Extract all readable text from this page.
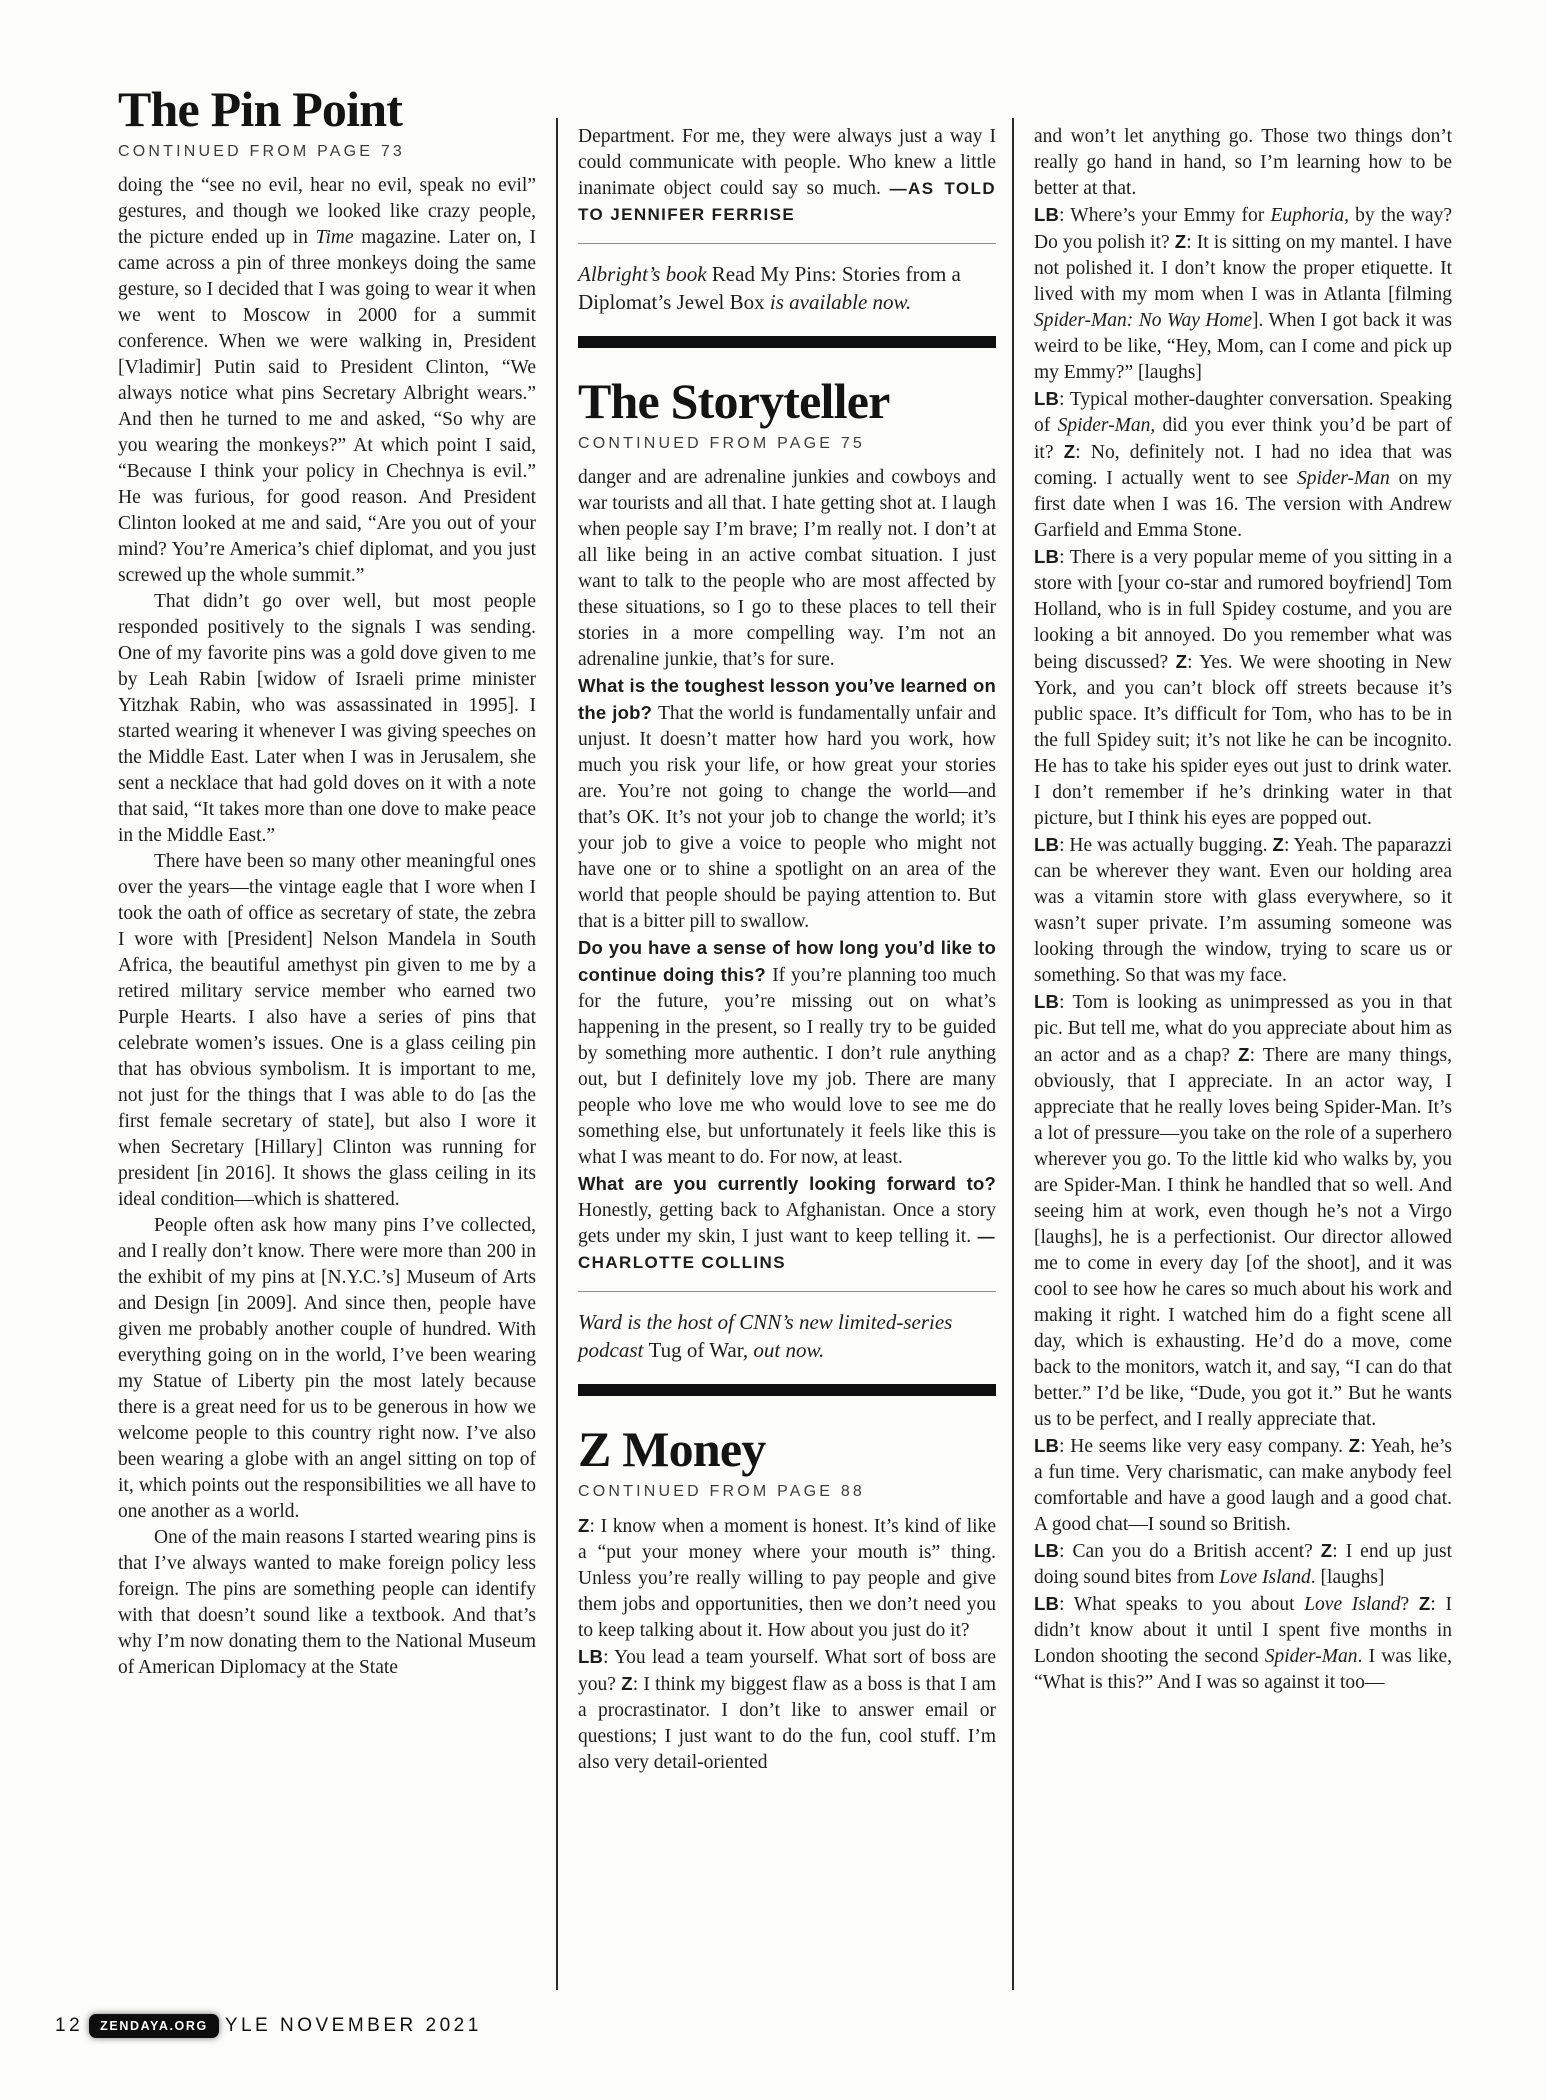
The Pin Point
CONTINUED FROM PAGE 73

doing the “see no evil, hear no evil, speak no evil” gestures, and though we looked like crazy people, the picture ended up in Time magazine. Later on, I came across a pin of three monkeys doing the same gesture, so I decided that I was going to wear it when we went to Moscow in 2000 for a summit conference. When we were walking in, President [Vladimir] Putin said to President Clinton, “We always notice what pins Secretary Albright wears.” And then he turned to me and asked, “So why are you wearing the monkeys?” At which point I said, “Because I think your policy in Chechnya is evil.” He was furious, for good reason. And President Clinton looked at me and said, “Are you out of your mind? You’re America’s chief diplomat, and you just screwed up the whole summit.”

That didn’t go over well, but most people responded positively to the signals I was sending. One of my favorite pins was a gold dove given to me by Leah Rabin [widow of Israeli prime minister Yitzhak Rabin, who was assassinated in 1995]. I started wearing it whenever I was giving speeches on the Middle East. Later when I was in Jerusalem, she sent a necklace that had gold doves on it with a note that said, “It takes more than one dove to make peace in the Middle East.”

There have been so many other meaningful ones over the years—the vintage eagle that I wore when I took the oath of office as secretary of state, the zebra I wore with [President] Nelson Mandela in South Africa, the beautiful amethyst pin given to me by a retired military service member who earned two Purple Hearts. I also have a series of pins that celebrate women’s issues. One is a glass ceiling pin that has obvious symbolism. It is important to me, not just for the things that I was able to do [as the first female secretary of state], but also I wore it when Secretary [Hillary] Clinton was running for president [in 2016]. It shows the glass ceiling in its ideal condition—which is shattered.

People often ask how many pins I’ve collected, and I really don’t know. There were more than 200 in the exhibit of my pins at [N.Y.C.’s] Museum of Arts and Design [in 2009]. And since then, people have given me probably another couple of hundred. With everything going on in the world, I’ve been wearing my Statue of Liberty pin the most lately because there is a great need for us to be generous in how we welcome people to this country right now. I’ve also been wearing a globe with an angel sitting on top of it, which points out the responsibilities we all have to one another as a world.

One of the main reasons I started wearing pins is that I’ve always wanted to make foreign policy less foreign. The pins are something people can identify with that doesn’t sound like a textbook. And that’s why I’m now donating them to the National Museum of American Diplomacy at the State

Department. For me, they were always just a way I could communicate with people. Who knew a little inanimate object could say so much. —AS TOLD TO JENNIFER FERRISE

Albright’s book Read My Pins: Stories from a Diplomat’s Jewel Box is available now.

The Storyteller
CONTINUED FROM PAGE 75

danger and are adrenaline junkies and cowboys and war tourists and all that. I hate getting shot at. I laugh when people say I’m brave; I’m really not. I don’t at all like being in an active combat situation. I just want to talk to the people who are most affected by these situations, so I go to these places to tell their stories in a more compelling way. I’m not an adrenaline junkie, that’s for sure.

What is the toughest lesson you’ve learned on the job? That the world is fundamentally unfair and unjust. It doesn’t matter how hard you work, how much you risk your life, or how great your stories are. You’re not going to change the world—and that’s OK. It’s not your job to change the world; it’s your job to give a voice to people who might not have one or to shine a spotlight on an area of the world that people should be paying attention to. But that is a bitter pill to swallow.

Do you have a sense of how long you’d like to continue doing this? If you’re planning too much for the future, you’re missing out on what’s happening in the present, so I really try to be guided by something more authentic. I don’t rule anything out, but I definitely love my job. There are many people who love me who would love to see me do something else, but unfortunately it feels like this is what I was meant to do. For now, at least.

What are you currently looking forward to? Honestly, getting back to Afghanistan. Once a story gets under my skin, I just want to keep telling it. —CHARLOTTE COLLINS

Ward is the host of CNN’s new limited-series podcast Tug of War, out now.

Z Money
CONTINUED FROM PAGE 88

Z: I know when a moment is honest. It’s kind of like a “put your money where your mouth is” thing. Unless you’re really willing to pay people and give them jobs and opportunities, then we don’t need you to keep talking about it. How about you just do it?

LB: You lead a team yourself. What sort of boss are you? Z: I think my biggest flaw as a boss is that I am a procrastinator. I don’t like to answer email or questions; I just want to do the fun, cool stuff. I’m also very detail-oriented

and won’t let anything go. Those two things don’t really go hand in hand, so I’m learning how to be better at that.

LB: Where’s your Emmy for Euphoria, by the way? Do you polish it? Z: It is sitting on my mantel. I have not polished it. I don’t know the proper etiquette. It lived with my mom when I was in Atlanta [filming Spider-Man: No Way Home]. When I got back it was weird to be like, “Hey, Mom, can I come and pick up my Emmy?” [laughs]

LB: Typical mother-daughter conversation. Speaking of Spider-Man, did you ever think you’d be part of it? Z: No, definitely not. I had no idea that was coming. I actually went to see Spider-Man on my first date when I was 16. The version with Andrew Garfield and Emma Stone.

LB: There is a very popular meme of you sitting in a store with [your co-star and rumored boyfriend] Tom Holland, who is in full Spidey costume, and you are looking a bit annoyed. Do you remember what was being discussed? Z: Yes. We were shooting in New York, and you can’t block off streets because it’s public space. It’s difficult for Tom, who has to be in the full Spidey suit; it’s not like he can be incognito. He has to take his spider eyes out just to drink water. I don’t remember if he’s drinking water in that picture, but I think his eyes are popped out.

LB: He was actually bugging. Z: Yeah. The paparazzi can be wherever they want. Even our holding area was a vitamin store with glass everywhere, so it wasn’t super private. I’m assuming someone was looking through the window, trying to scare us or something. So that was my face.

LB: Tom is looking as unimpressed as you in that pic. But tell me, what do you appreciate about him as an actor and as a chap? Z: There are many things, obviously, that I appreciate. In an actor way, I appreciate that he really loves being Spider-Man. It’s a lot of pressure—you take on the role of a superhero wherever you go. To the little kid who walks by, you are Spider-Man. I think he handled that so well. And seeing him at work, even though he’s not a Virgo [laughs], he is a perfectionist. Our director allowed me to come in every day [of the shoot], and it was cool to see how he cares so much about his work and making it right. I watched him do a fight scene all day, which is exhausting. He’d do a move, come back to the monitors, watch it, and say, “I can do that better.” I’d be like, “Dude, you got it.” But he wants us to be perfect, and I really appreciate that.

LB: He seems like very easy company. Z: Yeah, he’s a fun time. Very charismatic, can make anybody feel comfortable and have a good laugh and a good chat. A good chat—I sound so British.

LB: Can you do a British accent? Z: I end up just doing sound bites from Love Island. [laughs]

LB: What speaks to you about Love Island? Z: I didn’t know about it until I spent five months in London shooting the second Spider-Man. I was like, “What is this?” And I was so against it too—

12	ZENDAYA.ORG YLE NOVEMBER 2021
